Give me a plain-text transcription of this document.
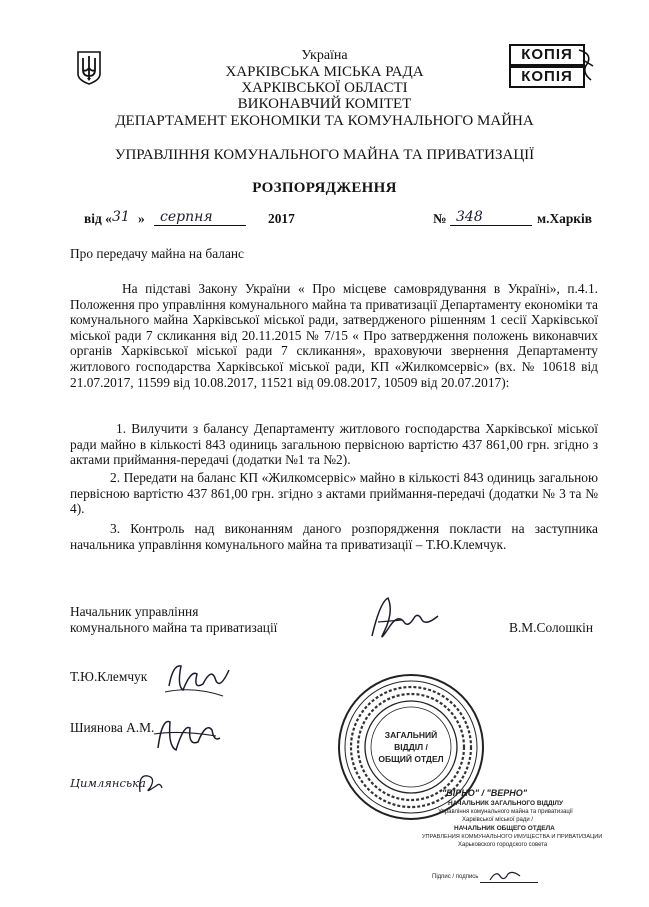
КОПІЯ
КОПІЯ
Україна
ХАРКІВСЬКА МІСЬКА РАДА
ХАРКІВСЬКОЇ ОБЛАСТІ
ВИКОНАВЧИЙ КОМІТЕТ
ДЕПАРТАМЕНТ ЕКОНОМІКИ ТА КОМУНАЛЬНОГО МАЙНА
УПРАВЛІННЯ КОМУНАЛЬНОГО МАЙНА ТА ПРИВАТИЗАЦІЇ
РОЗПОРЯДЖЕННЯ
від « 31 » серпня	2017	№ 348	м.Харків
Про передачу майна на баланс
На підставі Закону України « Про місцеве самоврядування в Україні», п.4.1. Положення про управління комунального майна та приватизації Департаменту економіки та комунального майна Харківської міської ради, затвердженого рішенням 1 сесії Харківської міської ради 7 скликання від 20.11.2015 № 7/15 « Про затвердження положень виконавчих органів Харківської міської ради 7 скликання», враховуючи звернення Департаменту житлового господарства Харківської міської ради, КП «Жилкомсервіс» (вх. № 10618 від 21.07.2017, 11599 від 10.08.2017, 11521 від 09.08.2017, 10509 від 20.07.2017):
1. Вилучити з балансу Департаменту житлового господарства Харківської міської ради майно в кількості 843 одиниць загальною первісною вартістю 437 861,00 грн. згідно з актами приймання-передачі (додатки №1 та №2).
2. Передати на баланс КП «Жилкомсервіс» майно в кількості 843 одиниць загальною первісною вартістю 437 861,00 грн. згідно з актами приймання-передачі (додатки № 3 та № 4).
3. Контроль над виконанням даного розпорядження покласти на заступника начальника управління комунального майна та приватизації – Т.Ю.Клемчук.
Начальник управління
комунального майна та приватизації	В.М.Солошкін
Т.Ю.Клемчук
Шиянова А.М.
Цимлянська
ЗАГАЛЬНИЙ
ВІДДІЛ /
ОБЩИЙ ОТДЕЛ
"ВІРНО" / "ВЕРНО"
НАЧАЛЬНИК ЗАГАЛЬНОГО ВІДДІЛУ
Управління комунального майна та приватизації
Харківської міської ради /
НАЧАЛЬНИК ОБЩЕГО ОТДЕЛА
УПРАВЛЕНИЯ КОММУНАЛЬНОГО ИМУЩЕСТВА И ПРИВАТИЗАЦИИ
Харьковского городского совета
Підпис / подпись
